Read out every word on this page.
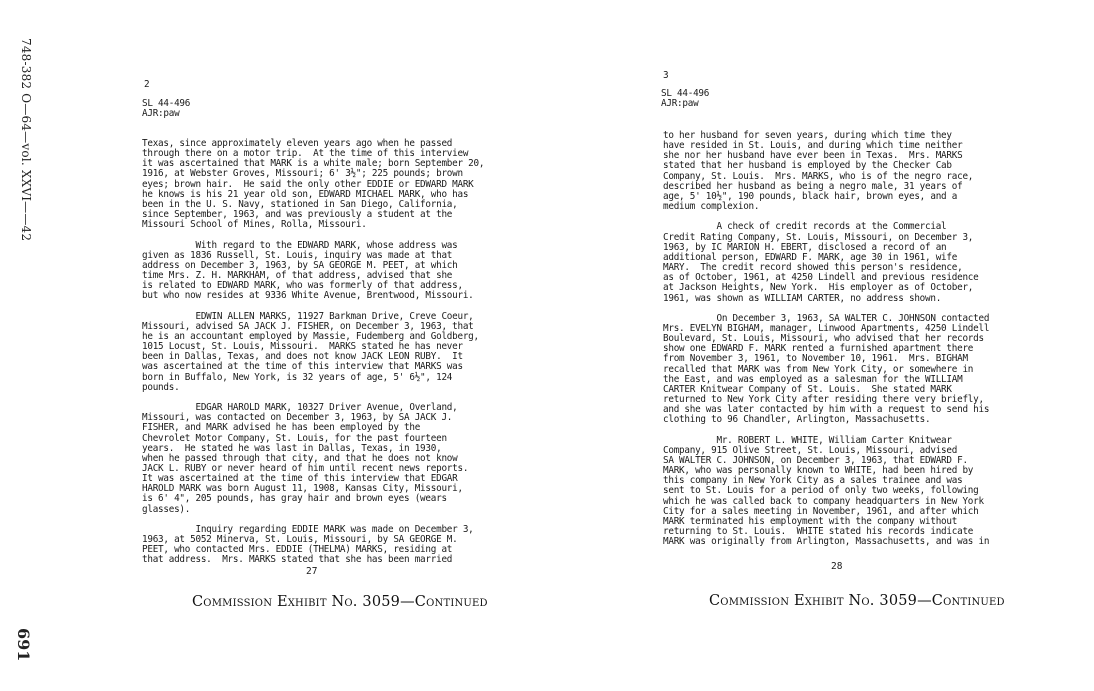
748-382 O—64—vol. XXVI——42
691
2
SL 44-496
AJR:paw
Texas, since approximately eleven years ago when he passed
through there on a motor trip.  At the time of this interview
it was ascertained that MARK is a white male; born September 20,
1916, at Webster Groves, Missouri; 6' 3½"; 225 pounds; brown
eyes; brown hair.  He said the only other EDDIE or EDWARD MARK
he knows is his 21 year old son, EDWARD MICHAEL MARK, who has
been in the U. S. Navy, stationed in San Diego, California,
since September, 1963, and was previously a student at the
Missouri School of Mines, Rolla, Missouri.

With regard to the EDWARD MARK, whose address was
given as 1836 Russell, St. Louis, inquiry was made at that
address on December 3, 1963, by SA GEORGE M. PEET, at which
time Mrs. Z. H. MARKHAM, of that address, advised that she
is related to EDWARD MARK, who was formerly of that address,
but who now resides at 9336 White Avenue, Brentwood, Missouri.

EDWIN ALLEN MARKS, 11927 Barkman Drive, Creve Coeur,
Missouri, advised SA JACK J. FISHER, on December 3, 1963, that
he is an accountant employed by Massie, Fudemberg and Goldberg,
1015 Locust, St. Louis, Missouri.  MARKS stated he has never
been in Dallas, Texas, and does not know JACK LEON RUBY.  It
was ascertained at the time of this interview that MARKS was
born in Buffalo, New York, is 32 years of age, 5' 6½", 124
pounds.

EDGAR HAROLD MARK, 10327 Driver Avenue, Overland,
Missouri, was contacted on December 3, 1963, by SA JACK J.
FISHER, and MARK advised he has been employed by the
Chevrolet Motor Company, St. Louis, for the past fourteen
years.  He stated he was last in Dallas, Texas, in 1930,
when he passed through that city, and that he does not know
JACK L. RUBY or never heard of him until recent news reports.
It was ascertained at the time of this interview that EDGAR
HAROLD MARK was born August 11, 1908, Kansas City, Missouri,
is 6' 4", 205 pounds, has gray hair and brown eyes (wears
glasses).

Inquiry regarding EDDIE MARK was made on December 3,
1963, at 5052 Minerva, St. Louis, Missouri, by SA GEORGE M.
PEET, who contacted Mrs. EDDIE (THELMA) MARKS, residing at
that address.  Mrs. MARKS stated that she has been married
27
Commission Exhibit No. 3059—Continued
3
SL 44-496
AJR:paw
to her husband for seven years, during which time they
have resided in St. Louis, and during which time neither
she nor her husband have ever been in Texas.  Mrs. MARKS
stated that her husband is employed by the Checker Cab
Company, St. Louis.  Mrs. MARKS, who is of the negro race,
described her husband as being a negro male, 31 years of
age, 5' 10½", 190 pounds, black hair, brown eyes, and a
medium complexion.

A check of credit records at the Commercial
Credit Rating Company, St. Louis, Missouri, on December 3,
1963, by IC MARION H. EBERT, disclosed a record of an
additional person, EDWARD F. MARK, age 30 in 1961, wife
MARY.  The credit record showed this person's residence,
as of October, 1961, at 4250 Lindell and previous residence
at Jackson Heights, New York.  His employer as of October,
1961, was shown as WILLIAM CARTER, no address shown.

On December 3, 1963, SA WALTER C. JOHNSON contacted
Mrs. EVELYN BIGHAM, manager, Linwood Apartments, 4250 Lindell
Boulevard, St. Louis, Missouri, who advised that her records
show one EDWARD F. MARK rented a furnished apartment there
from November 3, 1961, to November 10, 1961.  Mrs. BIGHAM
recalled that MARK was from New York City, or somewhere in
the East, and was employed as a salesman for the WILLIAM
CARTER Knitwear Company of St. Louis.  She stated MARK
returned to New York City after residing there very briefly,
and she was later contacted by him with a request to send his
clothing to 96 Chandler, Arlington, Massachusetts.

Mr. ROBERT L. WHITE, William Carter Knitwear
Company, 915 Olive Street, St. Louis, Missouri, advised
SA WALTER C. JOHNSON, on December 3, 1963, that EDWARD F.
MARK, who was personally known to WHITE, had been hired by
this company in New York City as a sales trainee and was
sent to St. Louis for a period of only two weeks, following
which he was called back to company headquarters in New York
City for a sales meeting in November, 1961, and after which
MARK terminated his employment with the company without
returning to St. Louis.  WHITE stated his records indicate
MARK was originally from Arlington, Massachusetts, and was in
28
Commission Exhibit No. 3059—Continued
